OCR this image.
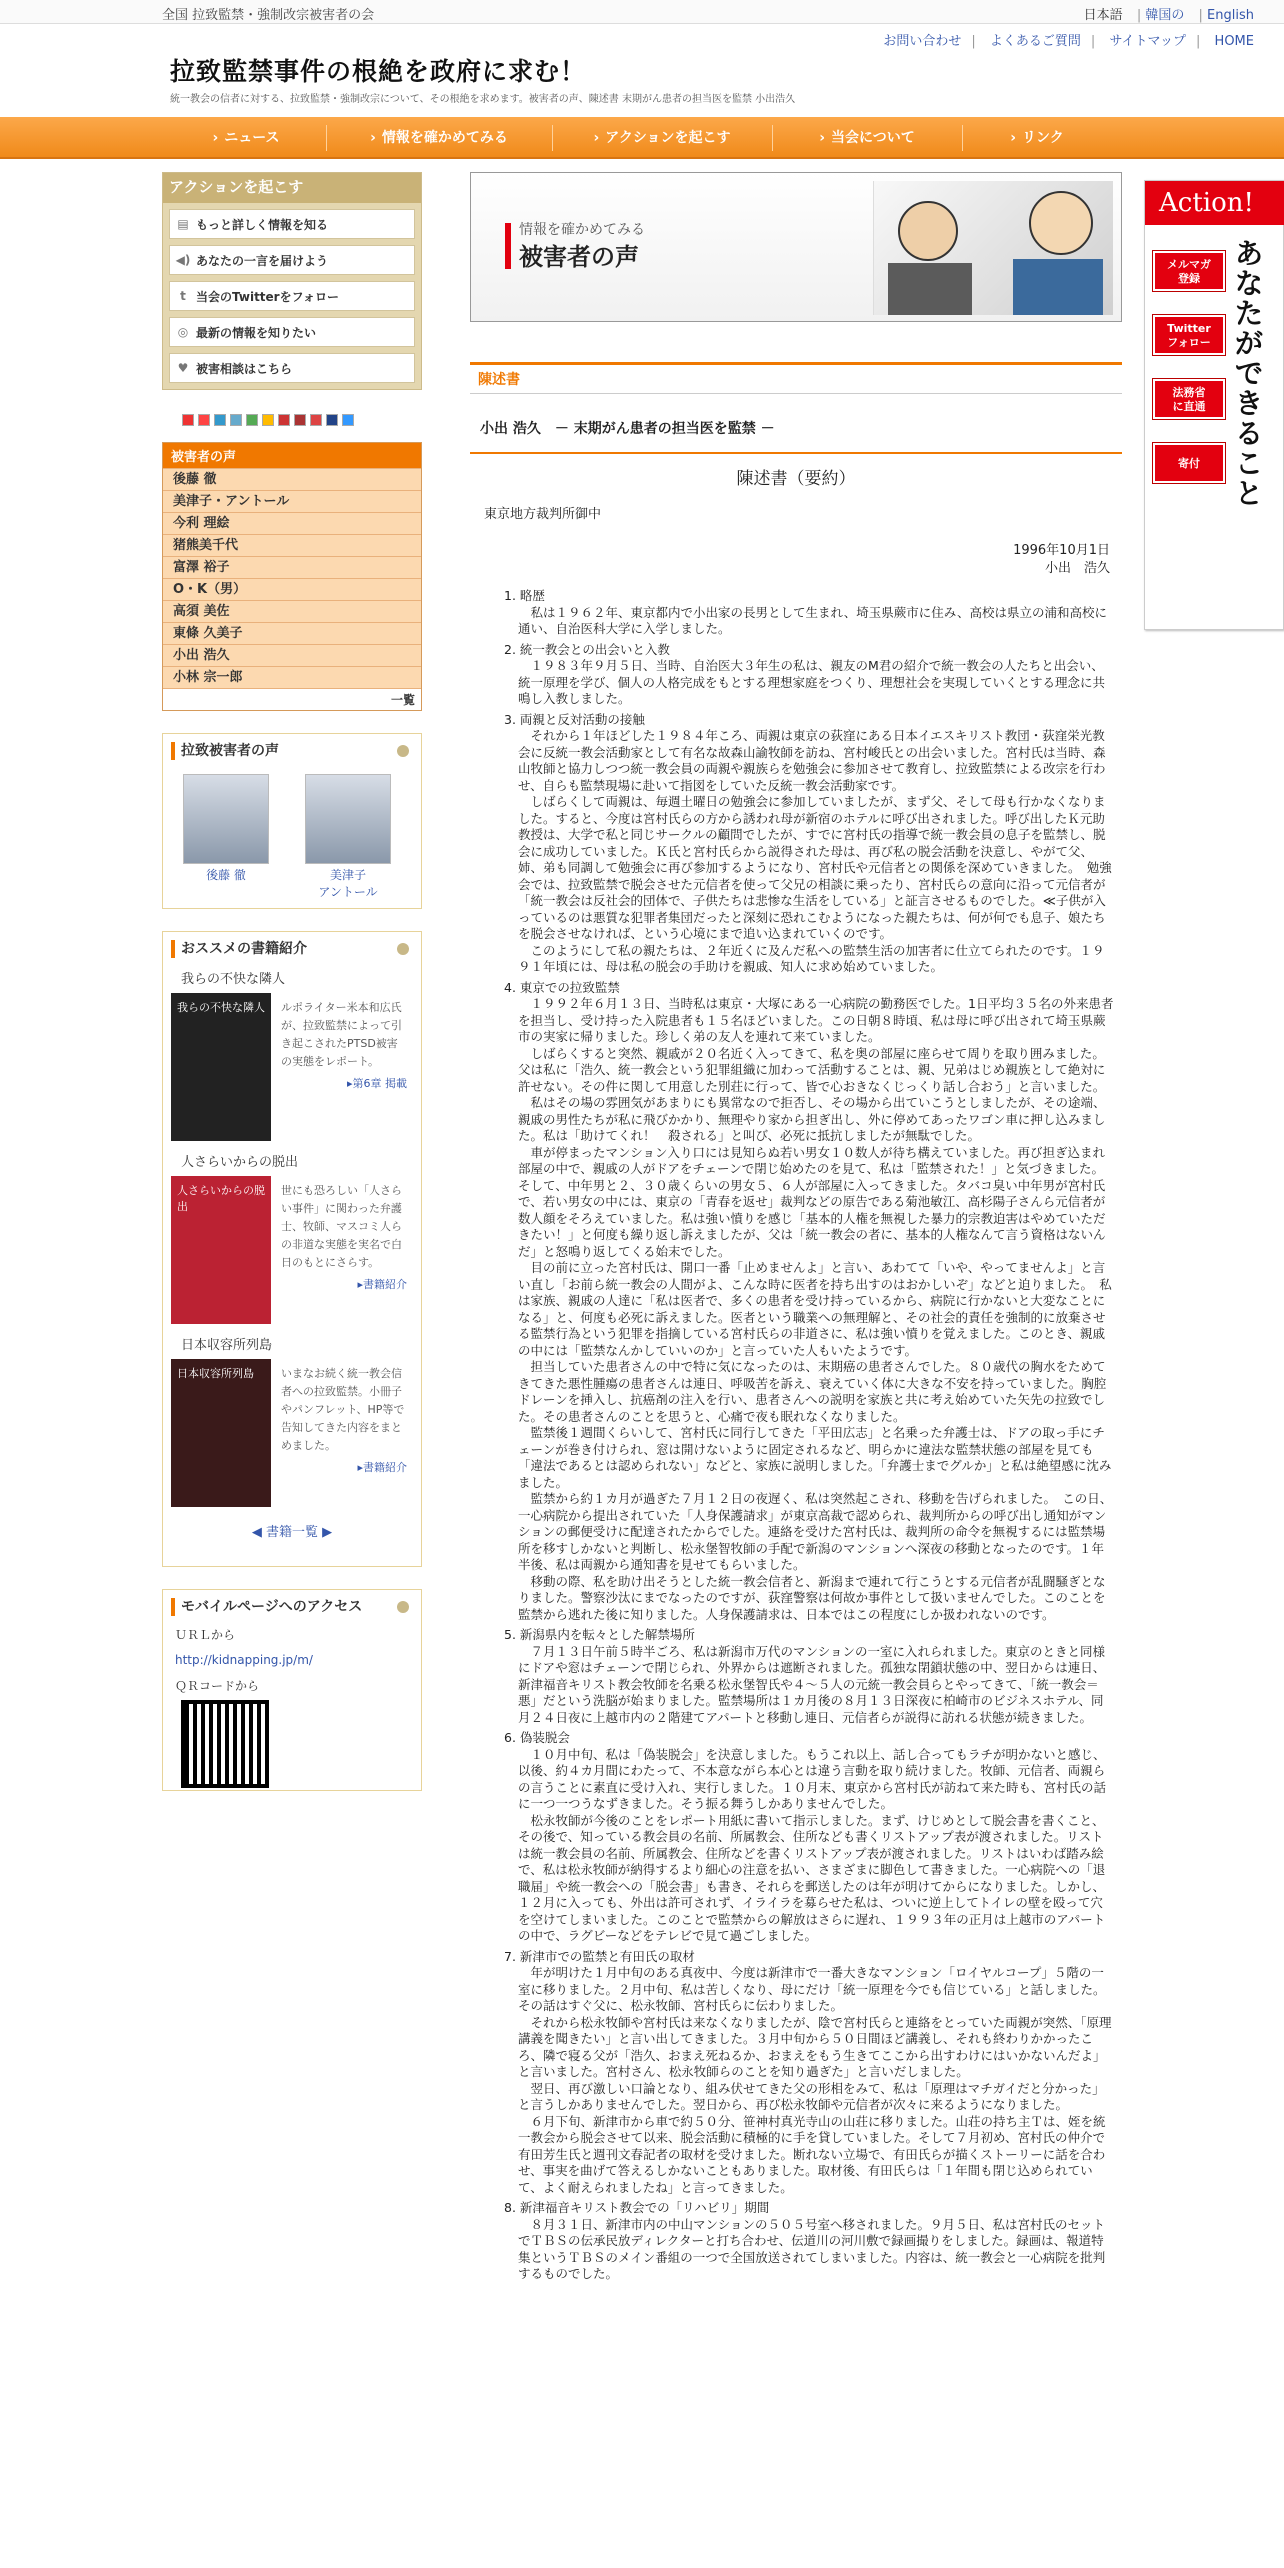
全国 拉致監禁・強制改宗被害者の会	日本語 | 韓国の | English
お問い合わせ | よくあるご質問 | サイトマップ | HOME
拉致監禁事件の根絶を政府に求む！
統一教会の信者に対する、拉致監禁・強制改宗について、その根絶を求めます。被害者の声、陳述書 末期がん患者の担当医を監禁 小出浩久
› ニュース	› 情報を確かめてみる	› アクションを起こす	› 当会について	› リンク
アクションを起こす
▤ もっと詳しく情報を知る
◀) あなたの一言を届けよう
t 当会のTwitterをフォロー
◎ 最新の情報を知りたい
♥ 被害相談はこちら
被害者の声
後藤 徹
美津子・アントール
今利 理絵
猪熊美千代
富澤 裕子
O・K（男）
高須 美佐
東條 久美子
小出 浩久
小林 宗一郎
一覧
拉致被害者の声
後藤 徹	美津子
アントール
おススメの書籍紹介
我らの不快な隣人
我らの不快な隣人	ルポライター米本和広氏が、拉致監禁によって引き起こされたPTSD被害の実態をレポート。
▸第6章 掲載
人さらいからの脱出
人さらいからの脱出
世にも恐ろしい「人さらい事件」に関わった弁護士、牧師、マスコミ人らの非道な実態を実名で白日のもとにさらす。
▸書籍紹介
日本収容所列島
日本収容所列島	いまなお続く統一教会信者への拉致監禁。小冊子やパンフレット、HP等で告知してきた内容をまとめました。
▸書籍紹介
◀ 書籍一覧 ▶
モバイルページへのアクセス
ＵＲＬから
http://kidnapping.jp/m/
ＱＲコードから
情報を確かめてみる
被害者の声
陳述書
小出 浩久　－ 末期がん患者の担当医を監禁 －
陳述書（要約）
東京地方裁判所御中
1996年10月1日
小出　浩久
1. 略歴

私は１９６２年、東京都内で小出家の長男として生まれ、埼玉県蕨市に住み、高校は県立の浦和高校に通い、自治医科大学に入学しました。

2. 統一教会との出会いと入教

１９８３年９月５日、当時、自治医大３年生の私は、親友のM君の紹介で統一教会の人たちと出会い、統一原理を学び、個人の人格完成をもとする理想家庭をつくり、理想社会を実現していくとする理念に共鳴し入教しました。

3. 両親と反対活動の接触

それから１年ほどした１９８４年ころ、両親は東京の荻窪にある日本イエスキリスト教団・荻窪栄光教会に反統一教会活動家として有名な故森山諭牧師を訪ね、宮村峻氏との出会いました。宮村氏は当時、森山牧師と協力しつつ統一教会員の両親や親族らを勉強会に参加させて教育し、拉致監禁による改宗を行わせ、自らも監禁現場に赴いて指図をしていた反統一教会活動家です。

しばらくして両親は、毎週土曜日の勉強会に参加していましたが、まず父、そして母も行かなくなりました。すると、今度は宮村氏らの方から誘われ母が新宿のホテルに呼び出されました。呼び出したＫ元助教授は、大学で私と同じサークルの顧問でしたが、すでに宮村氏の指導で統一教会員の息子を監禁し、脱会に成功していました。Ｋ氏と宮村氏らから説得された母は、再び私の脱会活動を決意し、やがて父、姉、弟も同調して勉強会に再び参加するようになり、宮村氏や元信者との関係を深めていきました。　勉強会では、拉致監禁で脱会させた元信者を使って父兄の相談に乗ったり、宮村氏らの意向に沿って元信者が「統一教会は反社会的団体で、子供たちは悲惨な生活をしている」と証言させるものでした。≪子供が入っているのは悪質な犯罪者集団だったと深刻に恐れこむようになった親たちは、何が何でも息子、娘たちを脱会させなければ、という心境にまで追い込まれていくのです。

このようにして私の親たちは、２年近くに及んだ私への監禁生活の加害者に仕立てられたのです。１９９１年頃には、母は私の脱会の手助けを親戚、知人に求め始めていました。

4. 東京での拉致監禁

１９９２年６月１３日、当時私は東京・大塚にある一心病院の勤務医でした。1日平均３５名の外来患者を担当し、受け持った入院患者も１５名ほどいました。この日朝８時頃、私は母に呼び出されて埼玉県蕨市の実家に帰りました。珍しく弟の友人を連れて来ていました。

しばらくすると突然、親戚が２０名近く入ってきて、私を奥の部屋に座らせて周りを取り囲みました。父は私に「浩久、統一教会という犯罪組織に加わって活動することは、親、兄弟はじめ親族として絶対に許せない。その件に関して用意した別荘に行って、皆で心おきなくじっくり話し合おう」と言いました。

私はその場の雰囲気があまりにも異常なので拒否し、その場から出ていこうとしましたが、その途端、親戚の男性たちが私に飛びかかり、無理やり家から担ぎ出し、外に停めてあったワゴン車に押し込みました。私は「助けてくれ！　殺される」と叫び、必死に抵抗しましたが無駄でした。

車が停まったマンション入り口には見知らぬ若い男女１０数人が待ち構えていました。再び担ぎ込まれ部屋の中で、親戚の人がドアをチェーンで閉じ始めたのを見て、私は「監禁された！」と気づきました。そして、中年男と２、３０歳くらいの男女５、６人が部屋に入ってきました。タバコ臭い中年男が宮村氏で、若い男女の中には、東京の「青春を返せ」裁判などの原告である菊池敏江、高杉陽子さんら元信者が数人顔をそろえていました。私は強い憤りを感じ「基本的人権を無視した暴力的宗教迫害はやめていただきたい！」と何度も繰り返し訴えましたが、父は「統一教会の者に、基本的人権なんて言う資格はないんだ」と怒鳴り返してくる始末でした。

目の前に立った宮村氏は、開口一番「止めませんよ」と言い、あわてて「いや、やってませんよ」と言い直し「お前ら統一教会の人間がよ、こんな時に医者を持ち出すのはおかしいぞ」などと迫りました。　私は家族、親戚の人達に「私は医者で、多くの患者を受け持っているから、病院に行かないと大変なことになる」と、何度も必死に訴えました。医者という職業への無理解と、その社会的責任を強制的に放棄させる監禁行為という犯罪を指摘している宮村氏らの非道さに、私は強い憤りを覚えました。このとき、親戚の中には「監禁なんかしていいのか」と言っていた人もいたようです。

担当していた患者さんの中で特に気になったのは、末期癌の患者さんでした。８０歳代の胸水をためてきてきた悪性腫瘍の患者さんは連日、呼吸苦を訴え、衰えていく体に大きな不安を持っていました。胸腔ドレーンを挿入し、抗癌剤の注入を行い、患者さんへの説明を家族と共に考え始めていた矢先の拉致でした。その患者さんのことを思うと、心痛で夜も眠れなくなりました。

監禁後１週間くらいして、宮村氏に同行してきた「平田広志」と名乗った弁護士は、ドアの取っ手にチェーンが巻き付けられ、窓は開けないように固定されるなど、明らかに違法な監禁状態の部屋を見ても「違法であるとは認められない」などと、家族に説明しました。「弁護士までグルか」と私は絶望感に沈みました。

監禁から約１カ月が過ぎた７月１２日の夜遅く、私は突然起こされ、移動を告げられました。　この日、一心病院から提出されていた「人身保護請求」が東京高裁で認められ、裁判所からの呼び出し通知がマンションの郵便受けに配達されたからでした。連絡を受けた宮村氏は、裁判所の命令を無視するには監禁場所を移すしかないと判断し、松永堡智牧師の手配で新潟のマンションへ深夜の移動となったのです。１年半後、私は両親から通知書を見せてもらいました。

移動の際、私を助け出そうとした統一教会信者と、新潟まで連れて行こうとする元信者が乱闘騒ぎとなりました。警察沙汰にまでなったのですが、荻窪警察は何故か事件として扱いませんでした。このことを監禁から逃れた後に知りました。人身保護請求は、日本ではこの程度にしか扱われないのです。

5. 新潟県内を転々とした解禁場所

７月１３日午前５時半ごろ、私は新潟市万代のマンションの一室に入れられました。東京のときと同様にドアや窓はチェーンで閉じられ、外界からは遮断されました。孤独な閉鎖状態の中、翌日からは連日、新津福音キリスト教会牧師を名乗る松永堡智氏や４～５人の元統一教会員らとやってきて、「統一教会＝悪」だという洗脳が始まりました。監禁場所は１カ月後の８月１３日深夜に柏崎市のビジネスホテル、同月２４日夜に上越市内の２階建てアパートと移動し連日、元信者らが説得に訪れる状態が続きました。

6. 偽装脱会

１０月中旬、私は「偽装脱会」を決意しました。もうこれ以上、話し合ってもラチが明かないと感じ、以後、約４カ月間にわたって、不本意ながら本心とは違う言動を取り続けました。牧師、元信者、両親らの言うことに素直に受け入れ、実行しました。１０月末、東京から宮村氏が訪ねて来た時も、宮村氏の話に一つ一つうなずきました。そう振る舞うしかありませんでした。

松永牧師が今後のことをレポート用紙に書いて指示しました。まず、けじめとして脱会書を書くこと、その後で、知っている教会員の名前、所属教会、住所なども書くリストアップ表が渡されました。リストは統一教会員の名前、所属教会、住所などを書くリストアップ表が渡されました。リストはいわば踏み絵で、私は松永牧師が納得するより細心の注意を払い、さまざまに脚色して書きました。一心病院への「退職届」や統一教会への「脱会書」も書き、それらを郵送したのは年が明けてからになりました。しかし、１２月に入っても、外出は許可されず、イライラを募らせた私は、ついに逆上してトイレの壁を殴って穴を空けてしまいました。このことで監禁からの解放はさらに遅れ、１９９３年の正月は上越市のアパートの中で、ラグビーなどをテレビで見て過ごしました。

7. 新津市での監禁と有田氏の取材

年が明けた１月中旬のある真夜中、今度は新津市で一番大きなマンション「ロイヤルコープ」５階の一室に移りました。２月中旬、私は苦しくなり、母にだけ「統一原理を今でも信じている」と話しました。その話はすぐ父に、松永牧師、宮村氏らに伝わりました。

それから松永牧師や宮村氏は来なくなりましたが、陰で宮村氏らと連絡をとっていた両親が突然、「原理講義を聞きたい」と言い出してきました。３月中旬から５０日間ほど講義し、それも終わりかかったころ、隣で寝る父が「浩久、おまえ死ねるか、おまえをもう生きてここから出すわけにはいかないんだよ」と言いました。宮村さん、松永牧師らのことを知り過ぎた」と言いだしました。

翌日、再び激しい口論となり、組み伏せてきた父の形相をみて、私は「原理はマチガイだと分かった」と言うしかありませんでした。翌日から、再び松永牧師や元信者が次々に来るようになりました。

６月下旬、新津市から車で約５０分、笹神村真光寺山の山荘に移りました。山荘の持ち主Ｔは、姪を統一教会から脱会させて以来、脱会活動に積極的に手を貸していました。そして７月初め、宮村氏の仲介で有田芳生氏と週刊文春記者の取材を受けました。断れない立場で、有田氏らが描くストーリーに話を合わせ、事実を曲げて答えるしかないこともありました。取材後、有田氏らは「１年間も閉じ込められていて、よく耐えられましたね」と言ってきました。

8. 新津福音キリスト教会での「リハビリ」期間

８月３１日、新津市内の中山マンションの５０５号室へ移されました。９月５日、私は宮村氏のセットでＴＢＳの伝承民放ディレクターと打ち合わせ、伝道川の河川敷で録画撮りをしました。録画は、報道特集というＴＢＳのメイン番組の一つで全国放送されてしまいました。内容は、統一教会と一心病院を批判するものでした。

Action!
メルマガ
登録
Twitter
フォロー
法務省
に直通
寄付
あなたができること
